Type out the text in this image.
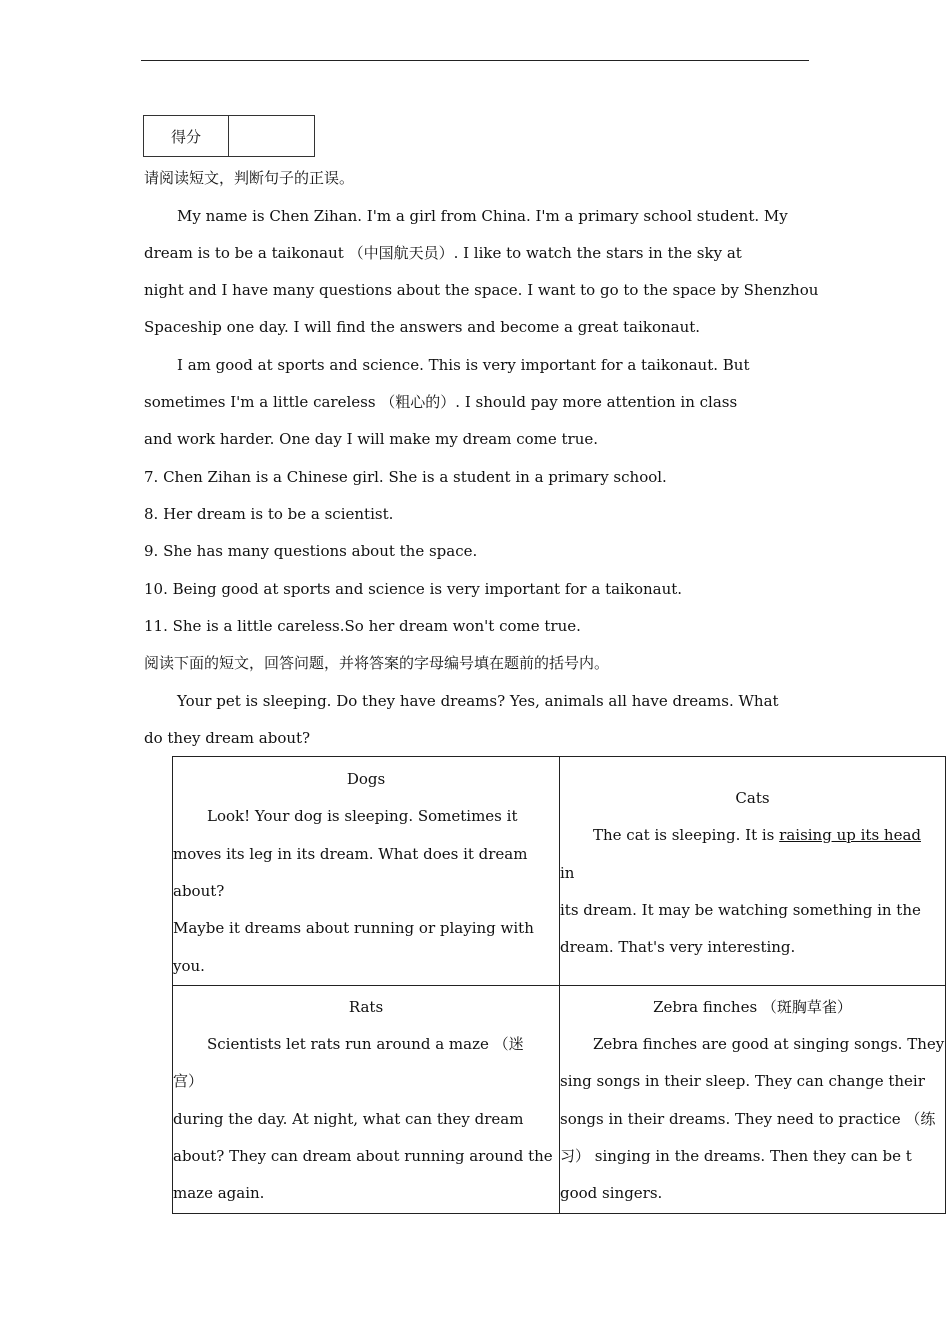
得分
请阅读短文，判断句子的正误。
My name is Chen Zihan. I'm a girl from China. I'm a primary school student. My
dream is to be a taikonaut （中国航天员）. I like to watch the stars in the sky at
night and I have many questions about the space. I want to go to the space by Shenzhou
Spaceship one day. I will find the answers and become a great taikonaut.
I am good at sports and science. This is very important for a taikonaut. But
sometimes I'm a little careless （粗心的）. I should pay more attention in class
and work harder. One day I will make my dream come true.
7. Chen Zihan is a Chinese girl. She is a student in a primary school.
8. Her dream is to be a scientist.
9. She has many questions about the space.
10. Being good at sports and science is very important for a taikonaut.
11. She is a little careless.So her dream won't come true.
阅读下面的短文，回答问题，并将答案的字母编号填在题前的括号内。
Your pet is sleeping. Do they have dreams? Yes, animals all have dreams. What
do they dream about?
Dogs
Look! Your dog is sleeping. Sometimes it
moves its leg in its dream. What does it dream
about?
Maybe it dreams about running or playing with
you.
Cats
The cat is sleeping. It is raising up its head
in
its dream. It may be watching something in the
dream. That's very interesting.
Rats
Scientists let rats run around a maze （迷
宫）
during the day. At night, what can they dream
about? They can dream about running around the
maze again.
Zebra finches （斑胸草雀）
Zebra finches are good at singing songs. They
sing songs in their sleep. They can change their
songs in their dreams. They need to practice （练
习） singing in the dreams. Then they can be t
good singers.
